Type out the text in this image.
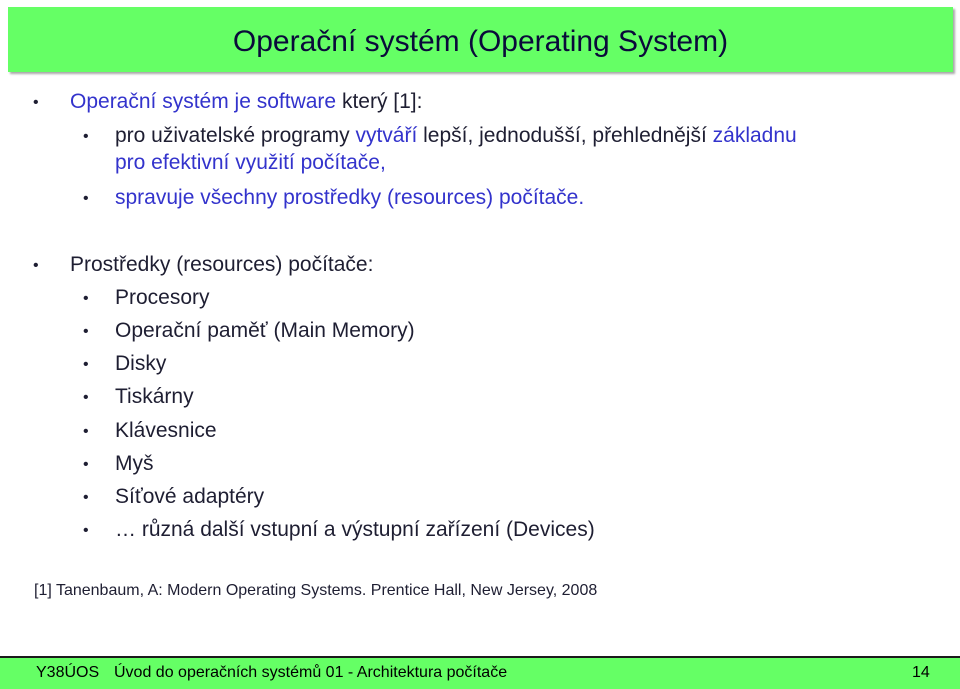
Operační systém (Operating System)
• Operační systém je software který [1]:
• pro uživatelské programy vytváří lepší, jednodušší, přehlednější základnu
pro efektivní využití počítače,
• spravuje všechny prostředky (resources) počítače.
• Prostředky (resources) počítače:
• Procesory
• Operační paměť (Main Memory)
• Disky
• Tiskárny
• Klávesnice
• Myš
• Síťové adaptéry
• … různá další vstupní a výstupní zařízení (Devices)
[1] Tanenbaum, A: Modern Operating Systems. Prentice Hall, New Jersey, 2008
Y38ÚOS Úvod do operačních systémů 01 - Architektura počítače	14
